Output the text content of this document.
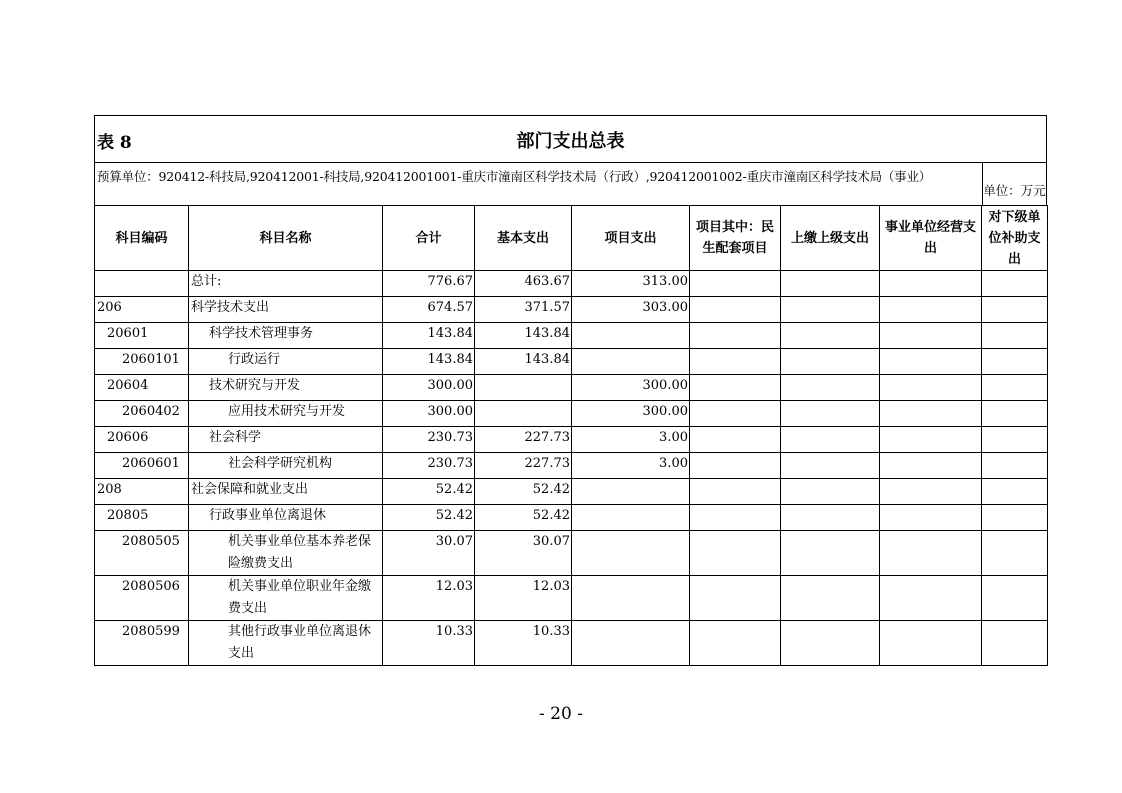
表 8	部门支出总表
预算单位：920412-科技局,920412001-科技局,920412001001-重庆市潼南区科学技术局（行政）,920412001002-重庆市潼南区科学技术局（事业）
单位：万元
科目编码	科目名称	合计	基本支出	项目支出	项目其中：民生配套项目	上缴上级支出	事业单位经营支出	对下级单位补助支出
	总计:	776.67	463.67	313.00				
206	科学技术支出	674.57	371.57	303.00				
20601	科学技术管理事务	143.84	143.84					
2060101	行政运行	143.84	143.84					
20604	技术研究与开发	300.00		300.00				
2060402	应用技术研究与开发	300.00		300.00				
20606	社会科学	230.73	227.73	3.00				
2060601	社会科学研究机构	230.73	227.73	3.00				
208	社会保障和就业支出	52.42	52.42					
20805	行政事业单位离退休	52.42	52.42					
2080505	机关事业单位基本养老保险缴费支出	30.07	30.07					
2080506	机关事业单位职业年金缴费支出	12.03	12.03					
2080599	其他行政事业单位离退休支出	10.33	10.33					
- 20 -
